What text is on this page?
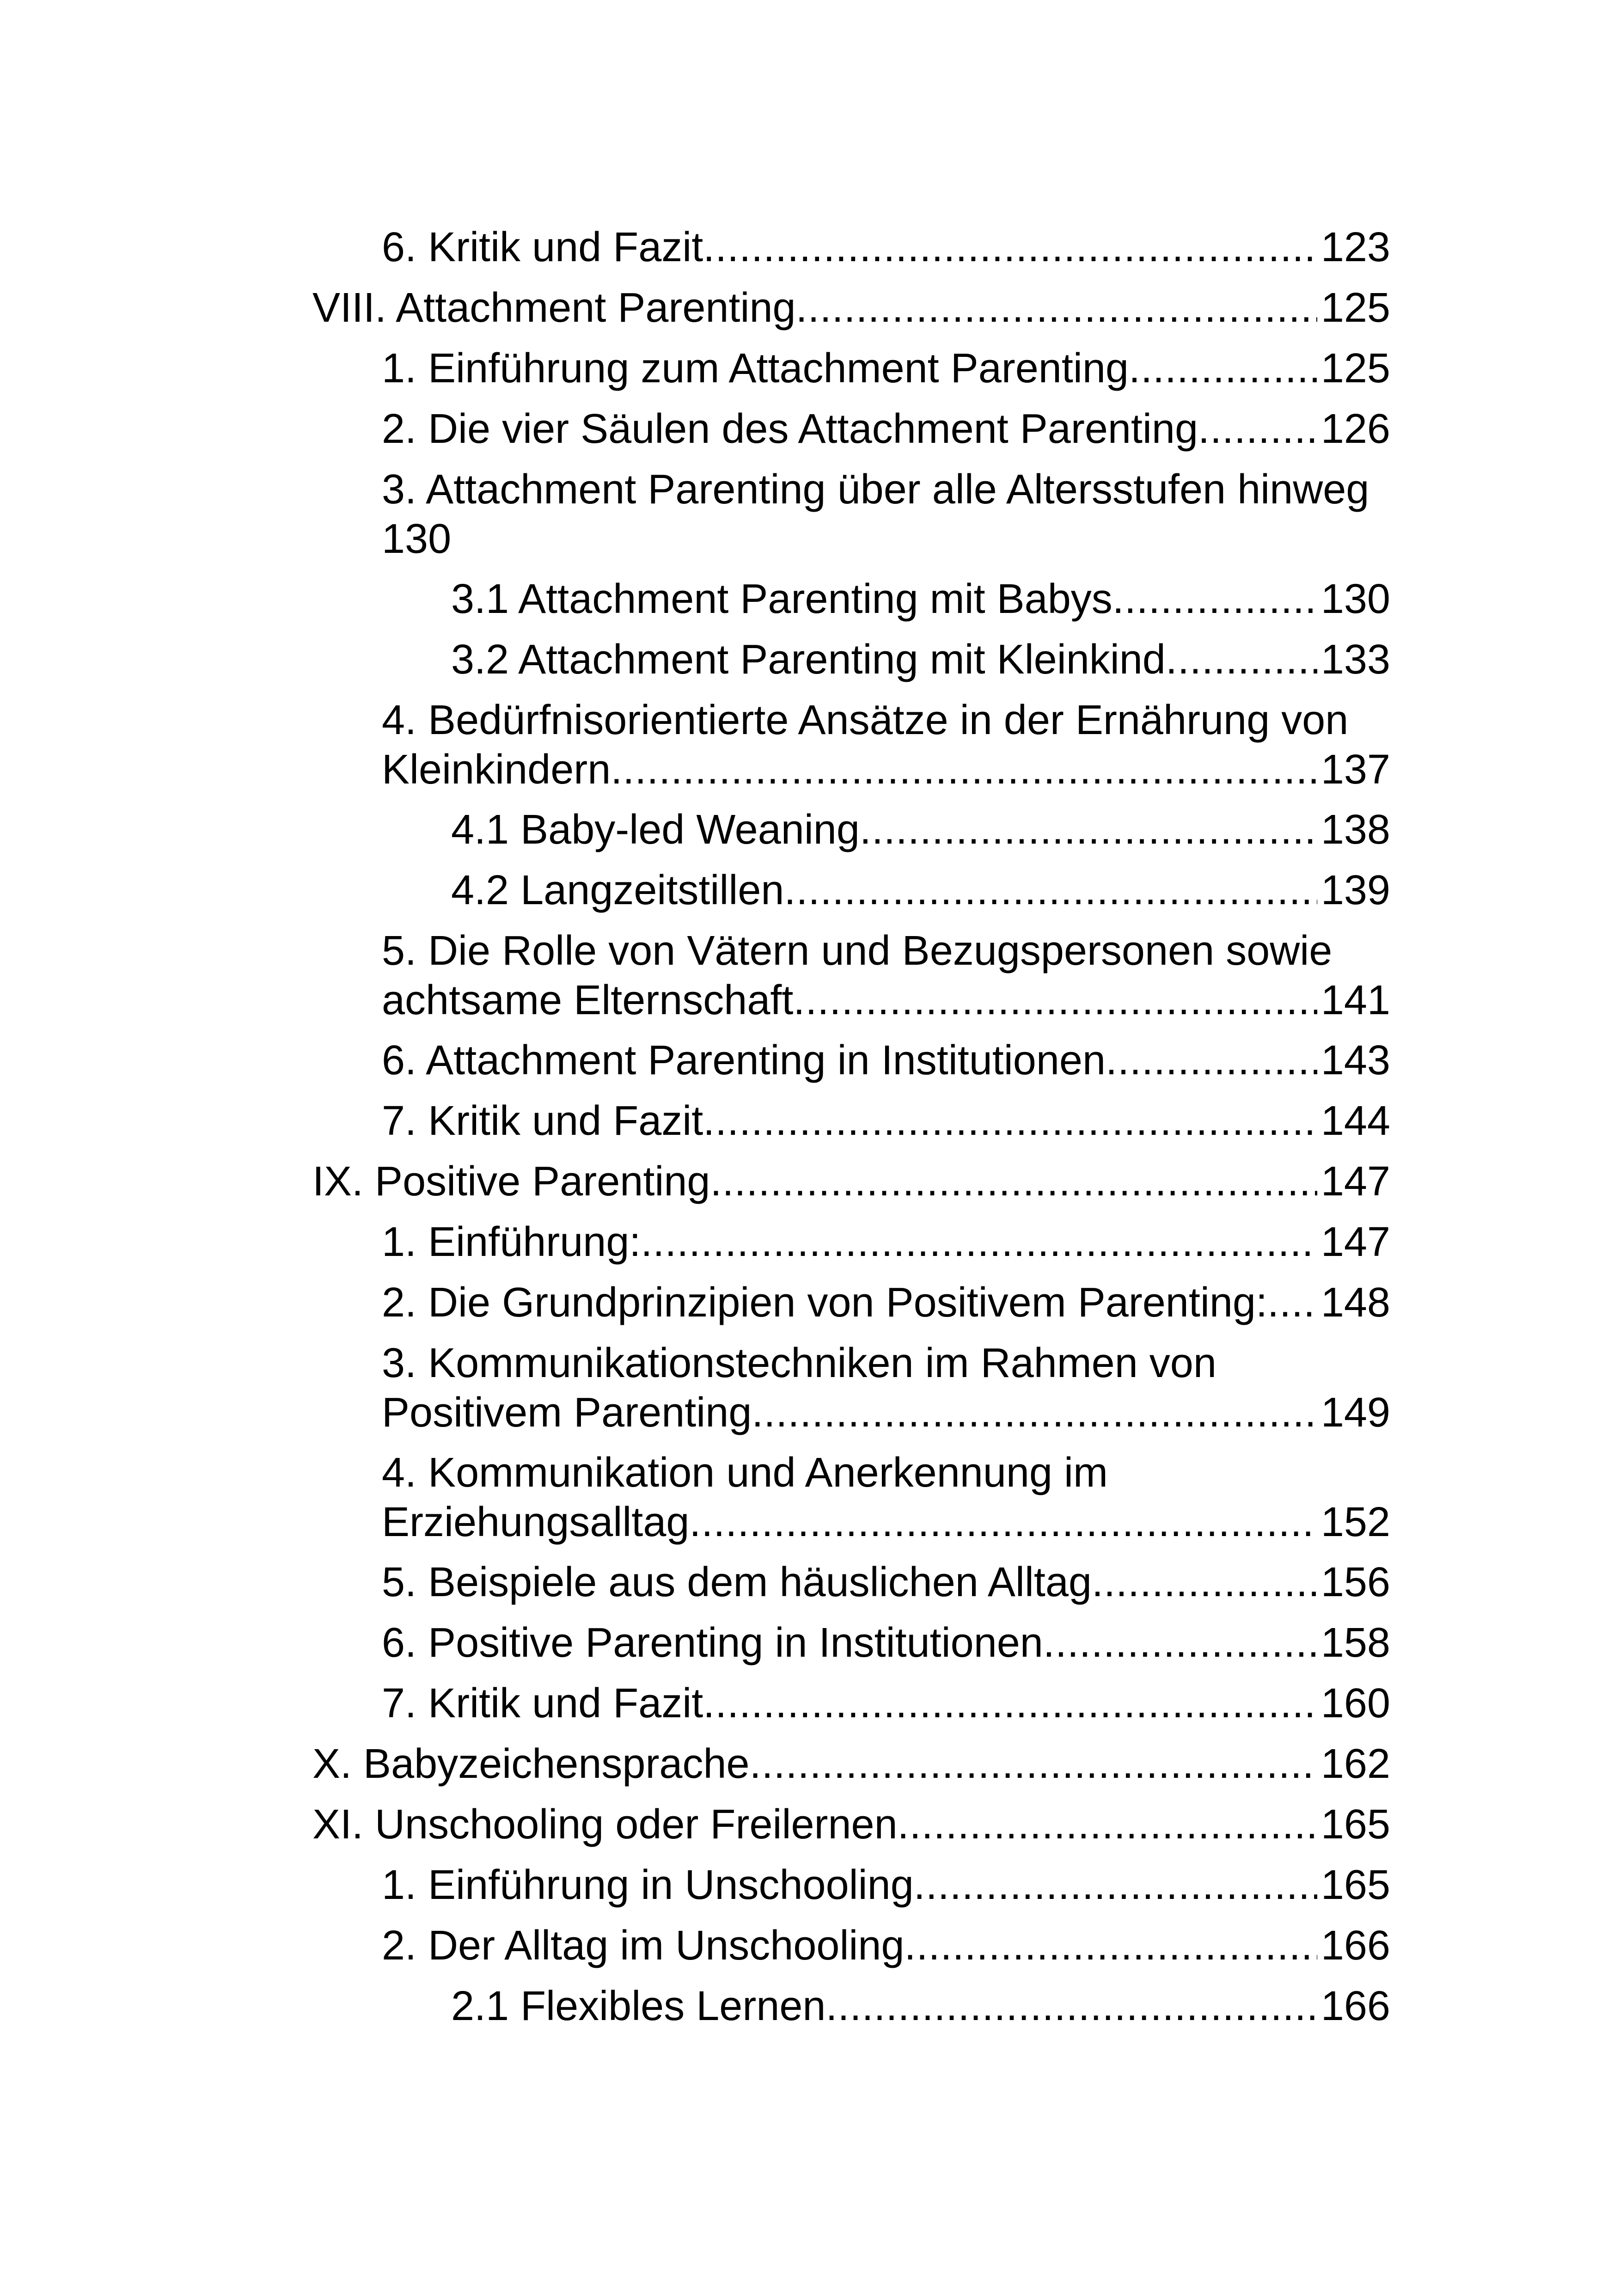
6. Kritik und Fazit .....	123
VIII. Attachment Parenting .....	125
1. Einführung zum Attachment Parenting .....	125
2. Die vier Säulen des Attachment Parenting .....	126
3. Attachment Parenting über alle Altersstufen hinweg
130
3.1 Attachment Parenting mit Babys .....	130
3.2 Attachment Parenting mit Kleinkind .....	133
4. Bedürfnisorientierte Ansätze in der Ernährung von
Kleinkindern .....	137
4.1 Baby-led Weaning .....	138
4.2 Langzeitstillen .....	139
5. Die Rolle von Vätern und Bezugspersonen sowie
achtsame Elternschaft .....	141
6. Attachment Parenting in Institutionen .....	143
7. Kritik und Fazit .....	144
IX. Positive Parenting .....	147
1. Einführung: .....	147
2. Die Grundprinzipien von Positivem Parenting: ..... 148
3. Kommunikationstechniken im Rahmen von
Positivem Parenting .....	149
4. Kommunikation und Anerkennung im
Erziehungsalltag .....	152
5. Beispiele aus dem häuslichen Alltag .....	156
6. Positive Parenting in Institutionen .....	158
7. Kritik und Fazit .....	160
X. Babyzeichensprache .....	162
XI. Unschooling oder Freilernen .....	165
1. Einführung in Unschooling .....	165
2. Der Alltag im Unschooling .....	166
2.1 Flexibles Lernen .....	166
